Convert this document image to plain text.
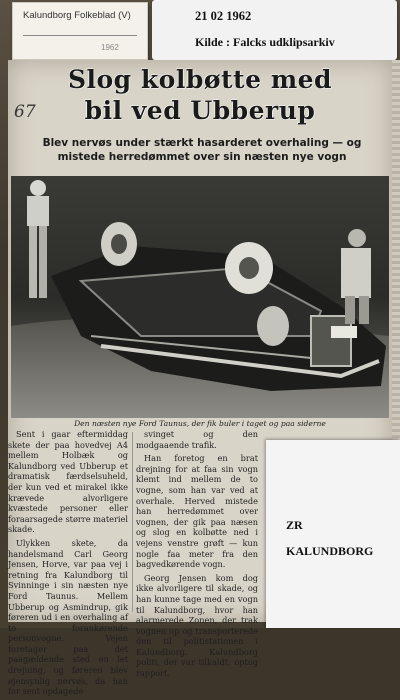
Kalundborg Folkeblad (V)
1962
21 02 1962
Kilde : Falcks udklipsarkiv
Slog kolbøtte med
bil ved Ubberup
67
Blev nervøs under stærkt hasarderet overhaling — og mistede herredømmet over sin næsten nye vogn
Den næsten nye Ford Taunus, der fik buler i taget og paa siderne

Sent i gaar eftermiddag skete der paa hovedvej A4 mellem Holbæk og Kalundborg ved Ubberup et dramatisk færdselsuheld, der kun ved et mirakel ikke krævede alvorligere kvæstede personer eller foraarsagede større materiel skade.

Ulykken skete, da handelsmand Carl Georg Jensen, Horve, var paa vej i retning fra Kalundborg til Svinninge i sin næsten nye Ford Taunus. Mellem Ubberup og Asmindrup, gik føreren ud i en overhaling af to forankørende personvogne. Vejen foretager paa det paagældende sted en let drejning, og føreren blev øjensynlig nervøs, da han for sent opdagede

svinget og den modgaaende trafik.

Han foretog en brat drejning for at faa sin vogn klemt ind mellem de to vogne, som han var ved at overhale. Herved mistede han herredømmet over vognen, der gik paa næsen og slog en kolbøtte ned i vejens venstre grøft — kun nogle faa meter fra den bagvedkørende vogn.

Georg Jensen kom dog ikke alvorligere til skade, og han kunne tage med en vogn til Kalundborg, hvor han alarmerede Zonen, der trak vognen op og transporterede den til politistationen i Kalundborg. Kalundborg politi, der var tilkaldt, optog rapport.

ZR
KALUNDBORG
